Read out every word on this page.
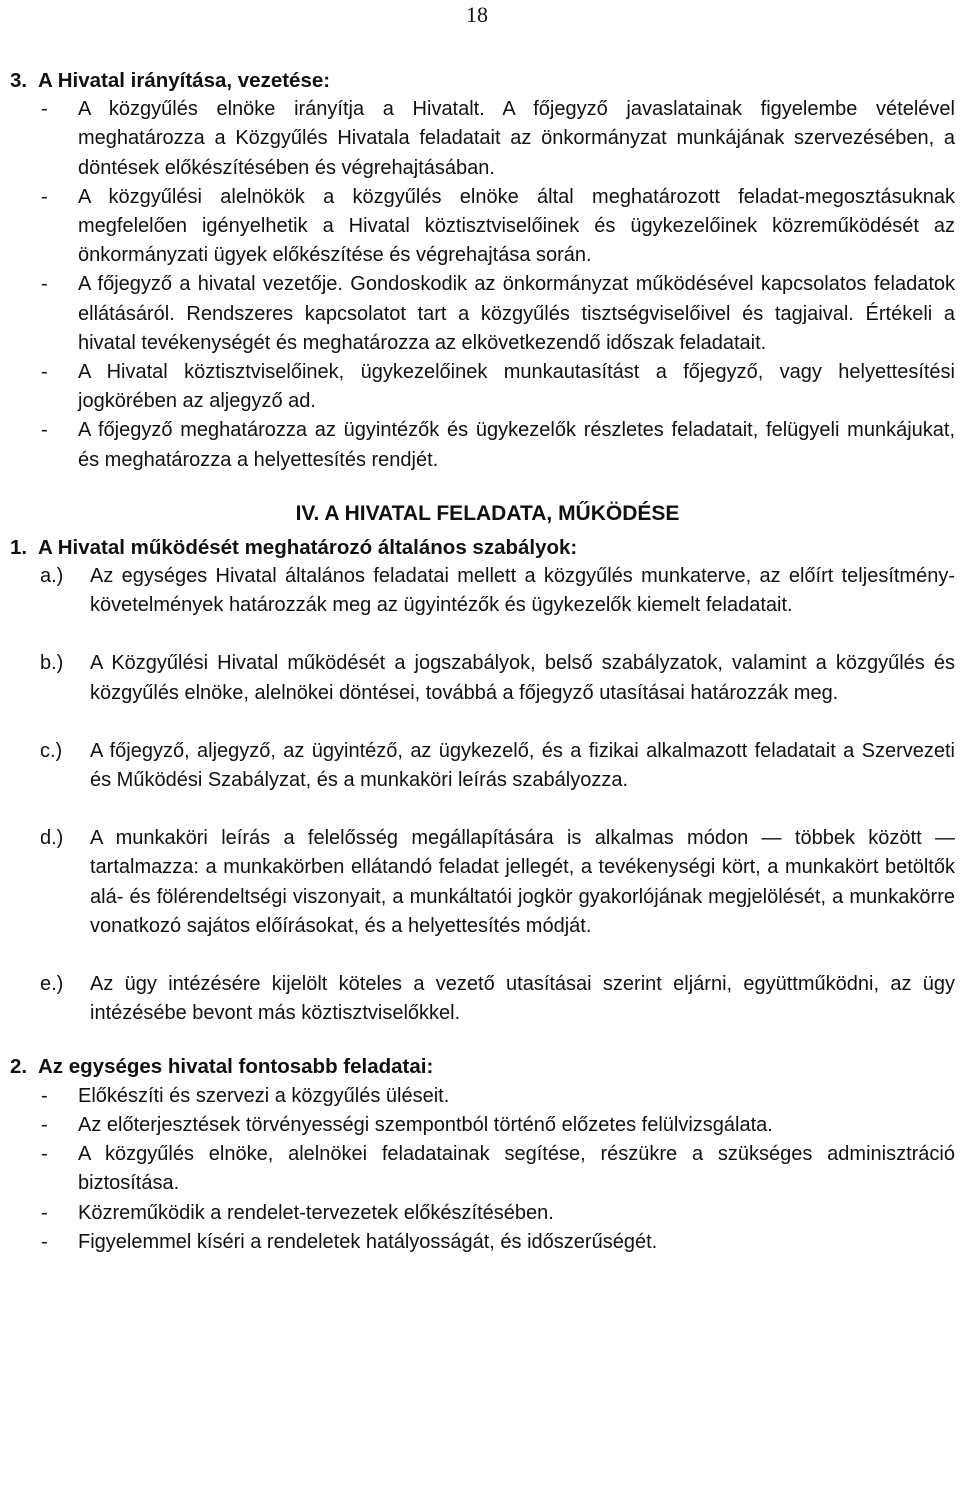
18
3. A Hivatal irányítása, vezetése:
- A közgyűlés elnöke irányítja a Hivatalt. A főjegyző javaslatainak figyelembe vételével meghatározza a Közgyűlés Hivatala feladatait az önkormányzat munkájának szervezésében, a döntések előkészítésében és végrehajtásában.
- A közgyűlési alelnökök a közgyűlés elnöke által meghatározott feladat-megosztásuknak megfelelően igényelhetik a Hivatal köztisztviselőinek és ügykezelőinek közreműködését az önkormányzati ügyek előkészítése és végrehajtása során.
- A főjegyző a hivatal vezetője. Gondoskodik az önkormányzat működésével kapcsolatos feladatok ellátásáról. Rendszeres kapcsolatot tart a közgyűlés tisztségviselőivel és tagjaival. Értékeli a hivatal tevékenységét és meghatározza az elkövetkezendő időszak feladatait.
- A Hivatal köztisztviselőinek, ügykezelőinek munkautasítást a főjegyző, vagy helyettesítési jogkörében az aljegyző ad.
- A főjegyző meghatározza az ügyintézők és ügykezelők részletes feladatait, felügyeli munkájukat, és meghatározza a helyettesítés rendjét.
IV. A HIVATAL FELADATA, MŰKÖDÉSE
1. A Hivatal működését meghatározó általános szabályok:
a.) Az egységes Hivatal általános feladatai mellett a közgyűlés munkaterve, az előírt teljesítmény-követelmények határozzák meg az ügyintézők és ügykezelők kiemelt feladatait.
b.) A Közgyűlési Hivatal működését a jogszabályok, belső szabályzatok, valamint a közgyűlés és közgyűlés elnöke, alelnökei döntései, továbbá a főjegyző utasításai határozzák meg.
c.) A főjegyző, aljegyző, az ügyintéző, az ügykezelő, és a fizikai alkalmazott feladatait a Szervezeti és Működési Szabályzat, és a munkaköri leírás szabályozza.
d.) A munkaköri leírás a felelősség megállapítására is alkalmas módon — többek között — tartalmazza: a munkakörben ellátandó feladat jellegét, a tevékenységi kört, a munkakört betöltők alá- és fölérendeltségi viszonyait, a munkáltatói jogkör gyakorlójának megjelölését, a munkakörre vonatkozó sajátos előírásokat, és a helyettesítés módját.
e.) Az ügy intézésére kijelölt köteles a vezető utasításai szerint eljárni, együttműködni, az ügy intézésébe bevont más köztisztviselőkkel.
2. Az egységes hivatal fontosabb feladatai:
- Előkészíti és szervezi a közgyűlés üléseit.
- Az előterjesztések törvényességi szempontból történő előzetes felülvizsgálata.
- A közgyűlés elnöke, alelnökei feladatainak segítése, részükre a szükséges adminisztráció biztosítása.
- Közreműködik a rendelet-tervezetek előkészítésében.
- Figyelemmel kíséri a rendeletek hatályosságát, és időszerűségét.
